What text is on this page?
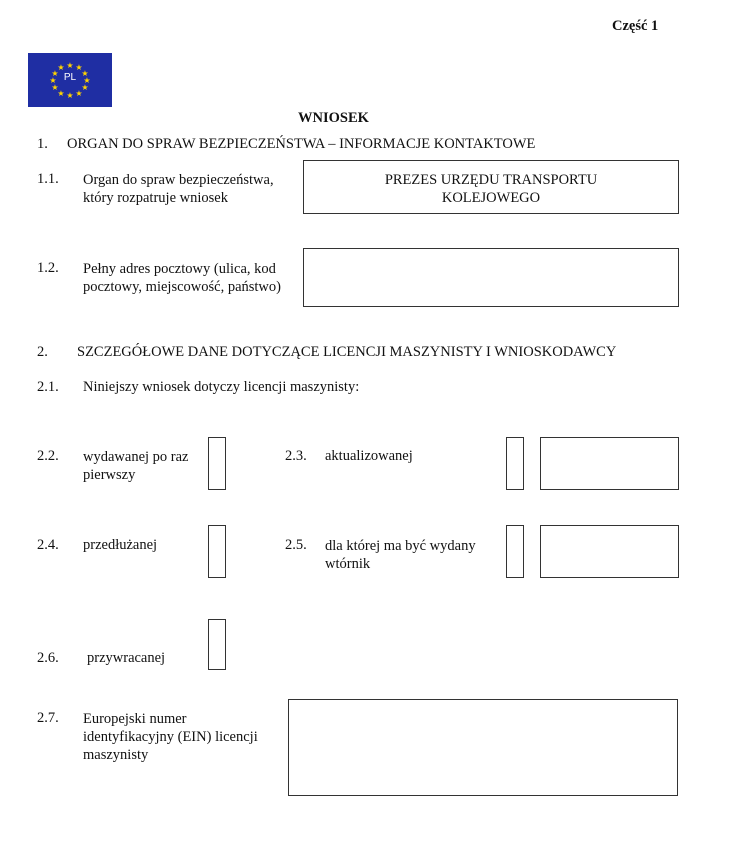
Część 1
★ ★
★
★
★
★
★
★
★
★
★
★
PL
WNIOSEK
1. ORGAN DO SPRAW BEZPIECZEŃSTWA – INFORMACJE KONTAKTOWE
1.1. Organ do spraw bezpieczeństwa,
który rozpatruje wniosek
PREZES URZĘDU TRANSPORTU
KOLEJOWEGO
1.2. Pełny adres pocztowy (ulica, kod
pocztowy, miejscowość, państwo)
2. SZCZEGÓŁOWE DANE DOTYCZĄCE LICENCJI MASZYNISTY I WNIOSKODAWCY
2.1. Niniejszy wniosek dotyczy licencji maszynisty:
2.2. wydawanej po raz
pierwszy
2.3. aktualizowanej
2.4. przedłużanej	2.5. dla której ma być wydany
wtórnik
2.6. przywracanej
2.7. Europejski numer
identyfikacyjny (EIN) licencji
maszynisty
